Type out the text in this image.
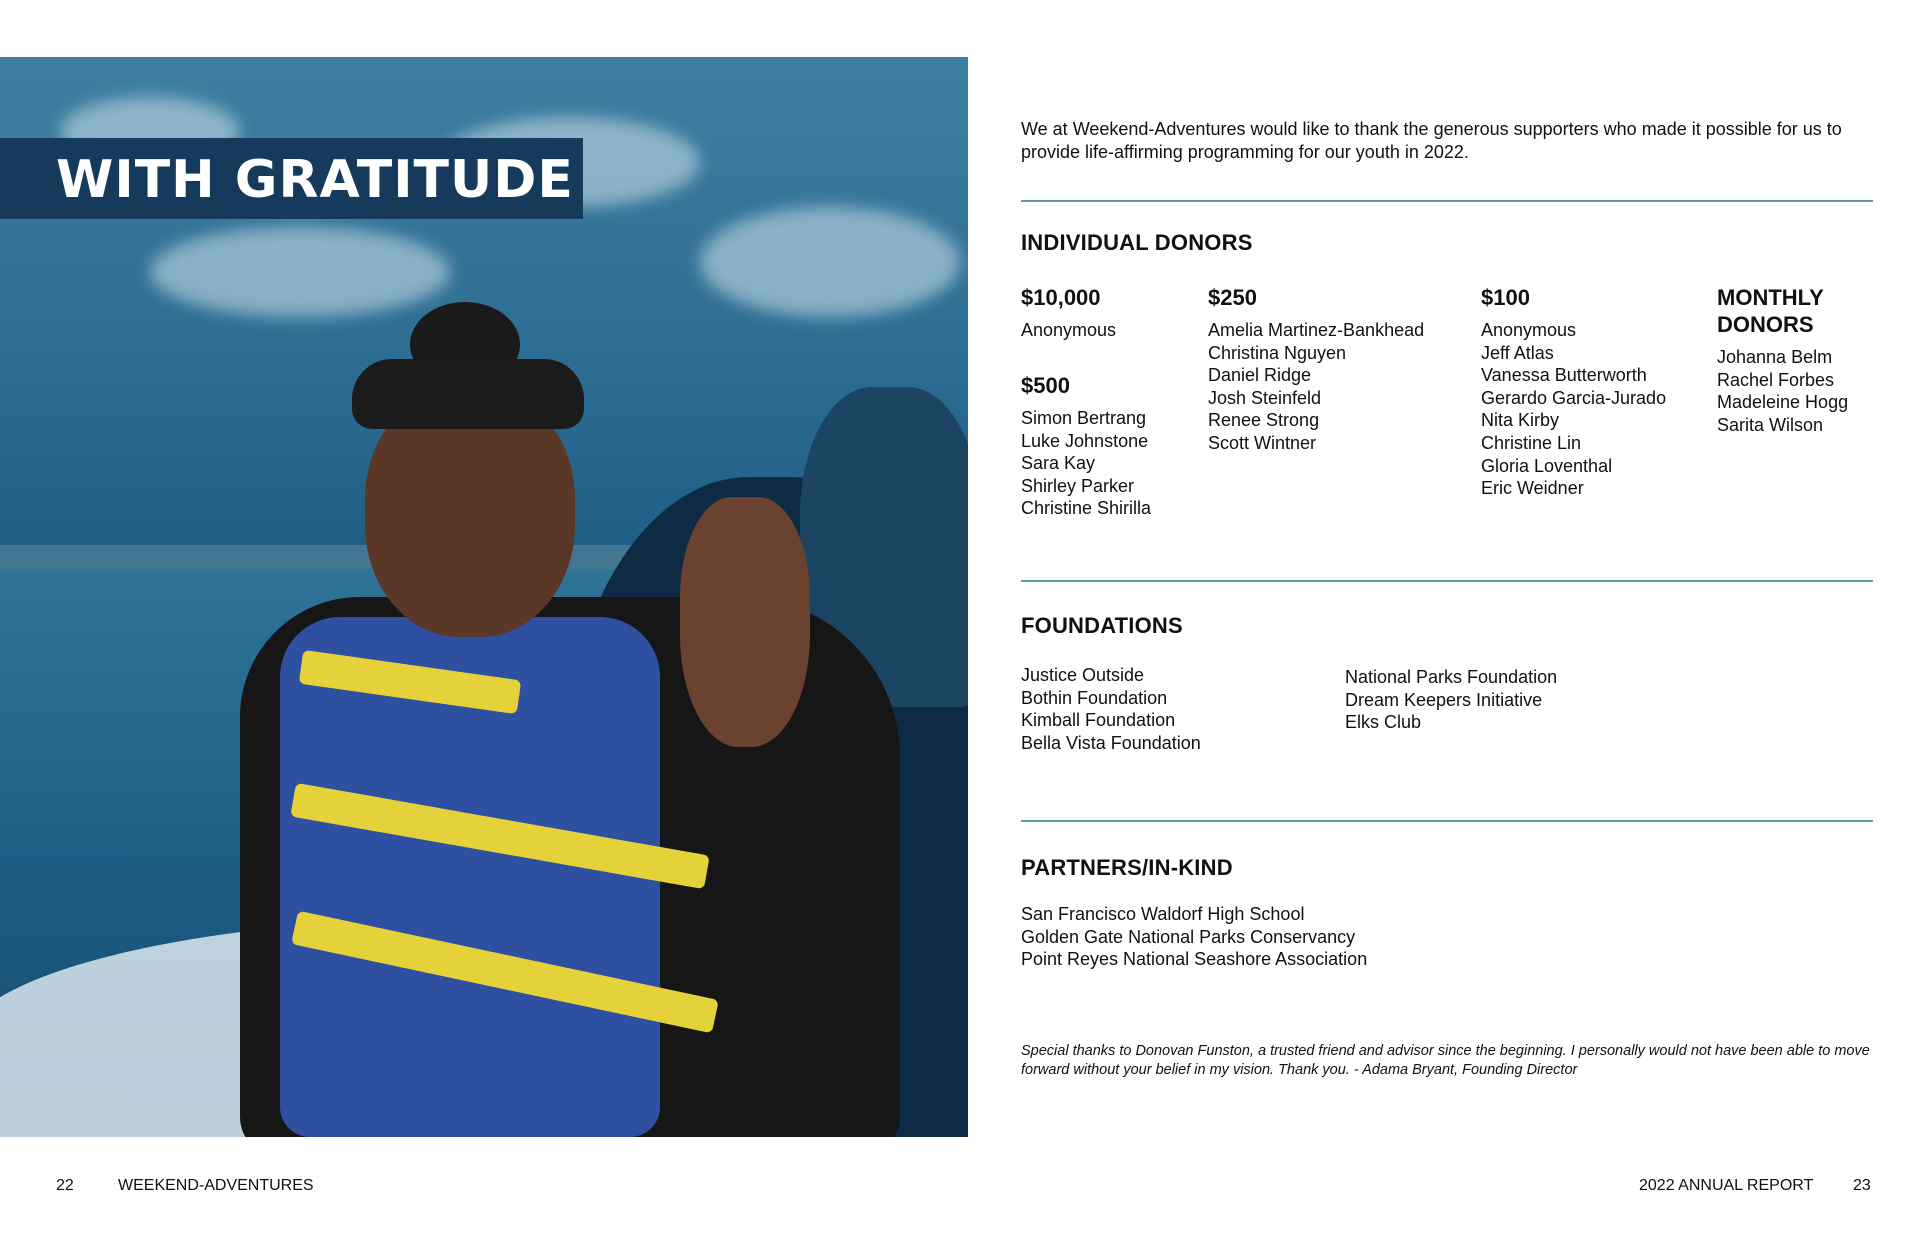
WITH GRATITUDE
We at Weekend-Adventures would like to thank the generous supporters who made it possible for us to provide life-affirming programming for our youth in 2022.
INDIVIDUAL DONORS
$10,000
Anonymous
$500
Simon Bertrang
Luke Johnstone
Sara Kay
Shirley Parker
Christine Shirilla
$250
Amelia Martinez-Bankhead
Christina Nguyen
Daniel Ridge
Josh Steinfeld
Renee Strong
Scott Wintner
$100
Anonymous
Jeff Atlas
Vanessa Butterworth
Gerardo Garcia-Jurado
Nita Kirby
Christine Lin
Gloria Loventhal
Eric Weidner
MONTHLY
DONORS
Johanna Belm
Rachel Forbes
Madeleine Hogg
Sarita Wilson
FOUNDATIONS
Justice Outside
Bothin Foundation
Kimball Foundation
Bella Vista Foundation
National Parks Foundation
Dream Keepers Initiative
Elks Club
PARTNERS/IN-KIND
San Francisco Waldorf High School
Golden Gate National Parks Conservancy
Point Reyes National Seashore Association
Special thanks to Donovan Funston, a trusted friend and advisor since the beginning. I personally would not have been able to move forward without your belief in my vision. Thank you. - Adama Bryant, Founding Director
22	WEEKEND-ADVENTURES	2022 ANNUAL REPORT 23
